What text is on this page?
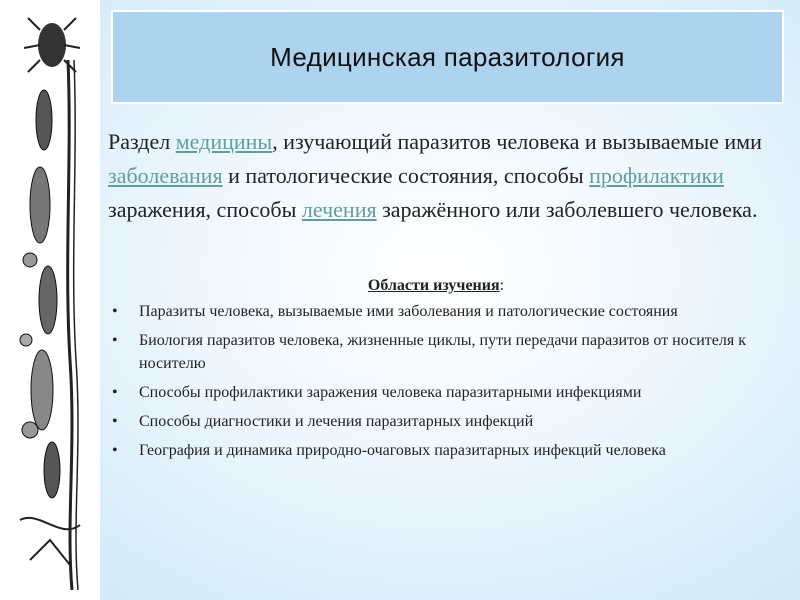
Медицинская паразитология
Раздел медицины, изучающий паразитов человека и вызываемые ими заболевания и патологические состояния, способы профилактики заражения, способы лечения заражённого или заболевшего человека.
Области изучения:
• Паразиты человека, вызываемые ими заболевания и патологические состояния
• Биология паразитов человека, жизненные циклы, пути передачи паразитов от носителя к носителю
• Способы профилактики заражения человека паразитарными инфекциями
• Способы диагностики и лечения паразитарных инфекций
• География и динамика природно-очаговых паразитарных инфекций человека
